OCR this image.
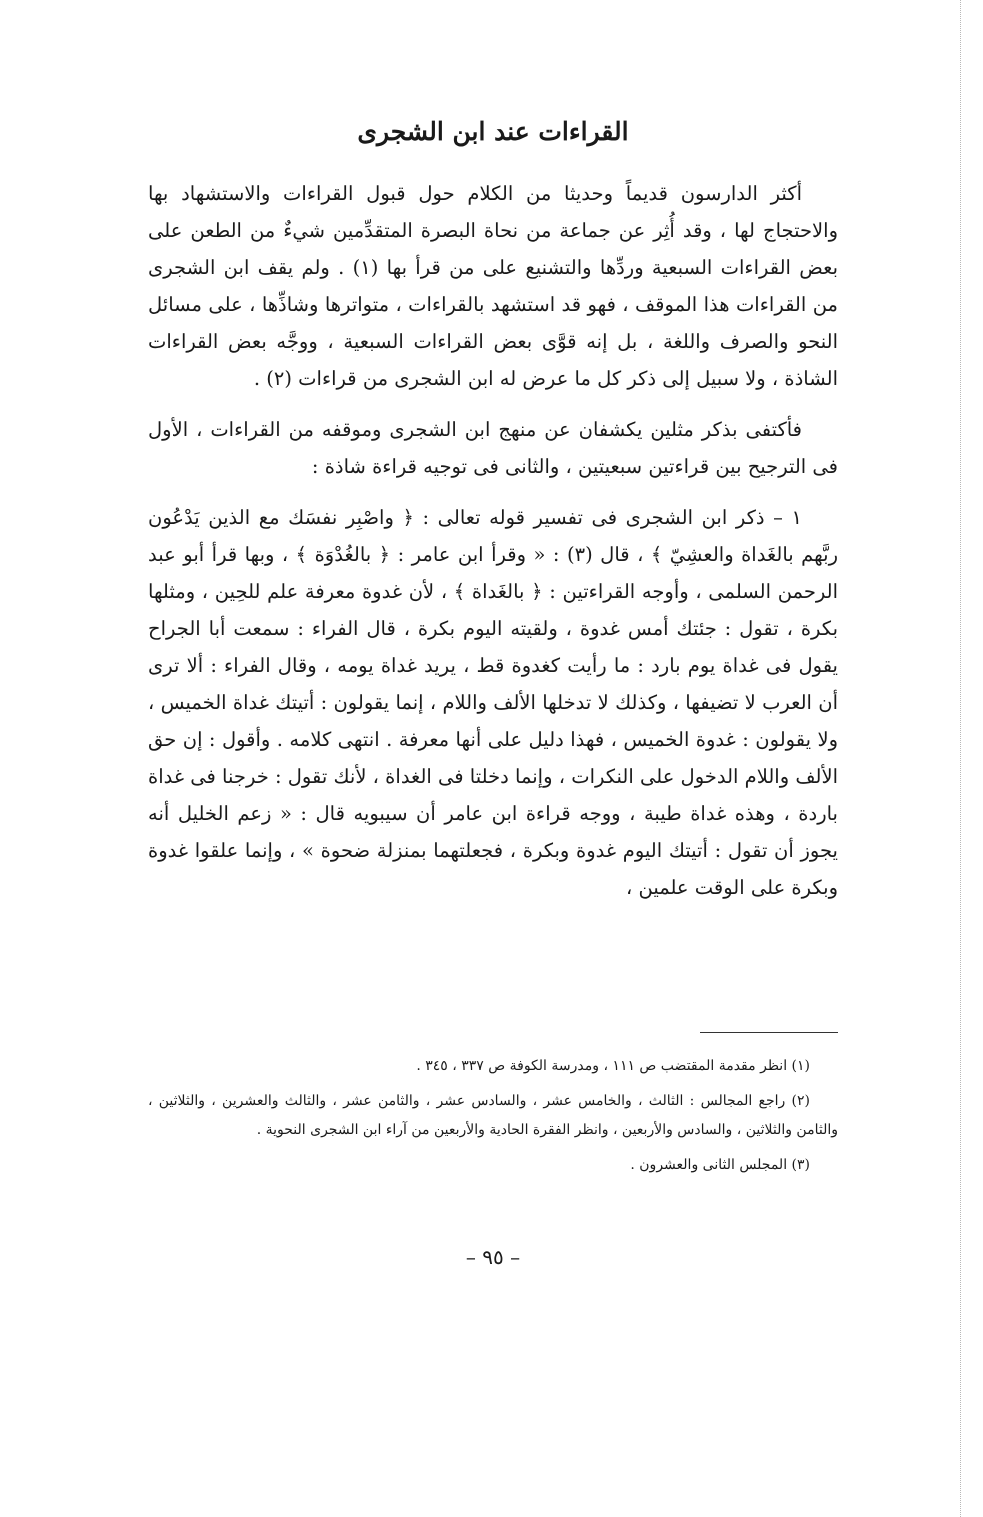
القراءات عند ابن الشجرى

أكثر الدارسون قديماً وحديثا من الكلام حول قبول القراءات والاستشهاد بها والاحتجاج لها ، وقد أُثِر عن جماعة من نحاة البصرة المتقدِّمين شيءٌ من الطعن على بعض القراءات السبعية وردِّها والتشنيع على من قرأ بها (١) . ولم يقف ابن الشجرى من القراءات هذا الموقف ، فهو قد استشهد بالقراءات ، متواترها وشاذِّها ، على مسائل النحو والصرف واللغة ، بل إنه قوَّى بعض القراءات السبعية ، ووجَّه بعض القراءات الشاذة ، ولا سبيل إلى ذكر كل ما عرض له ابن الشجرى من قراءات (٢) .

فأكتفى بذكر مثلين يكشفان عن منهج ابن الشجرى وموقفه من القراءات ، الأول فى الترجيح بين قراءتين سبعيتين ، والثانى فى توجيه قراءة شاذة :

١ – ذكر ابن الشجرى فى تفسير قوله تعالى : ﴿ واصْبِر نفسَك مع الذين يَدْعُون ربَّهم بالغَداة والعشِيّ ﴾ ، قال (٣) : « وقرأ ابن عامر : ﴿ بالغُدْوَة ﴾ ، وبها قرأ أبو عبد الرحمن السلمى ، وأوجه القراءتين : ﴿ بالغَداة ﴾ ، لأن غدوة معرفة علم للحِين ، ومثلها بكرة ، تقول : جئتك أمس غدوة ، ولقيته اليوم بكرة ، قال الفراء : سمعت أبا الجراح يقول فى غداة يوم بارد : ما رأيت كغدوة قط ، يريد غداة يومه ، وقال الفراء : ألا ترى أن العرب لا تضيفها ، وكذلك لا تدخلها الألف واللام ، إنما يقولون : أتيتك غداة الخميس ، ولا يقولون : غدوة الخميس ، فهذا دليل على أنها معرفة . انتهى كلامه . وأقول : إن حق الألف واللام الدخول على النكرات ، وإنما دخلتا فى الغداة ، لأنك تقول : خرجنا فى غداة باردة ، وهذه غداة طيبة ، ووجه قراءة ابن عامر أن سيبويه قال : « زعم الخليل أنه يجوز أن تقول : أتيتك اليوم غدوة وبكرة ، فجعلتهما بمنزلة ضحوة » ، وإنما علقوا غدوة وبكرة على الوقت علمين ،

(١) انظر مقدمة المقتضب ص ١١١ ، ومدرسة الكوفة ص ٣٣٧ ، ٣٤٥ .

(٢) راجع المجالس : الثالث ، والخامس عشر ، والسادس عشر ، والثامن عشر ، والثالث والعشرين ، والثلاثين ، والثامن والثلاثين ، والسادس والأربعين ، وانظر الفقرة الحادية والأربعين من آراء ابن الشجرى النحوية .

(٣) المجلس الثانى والعشرون .

– ٩٥ –
